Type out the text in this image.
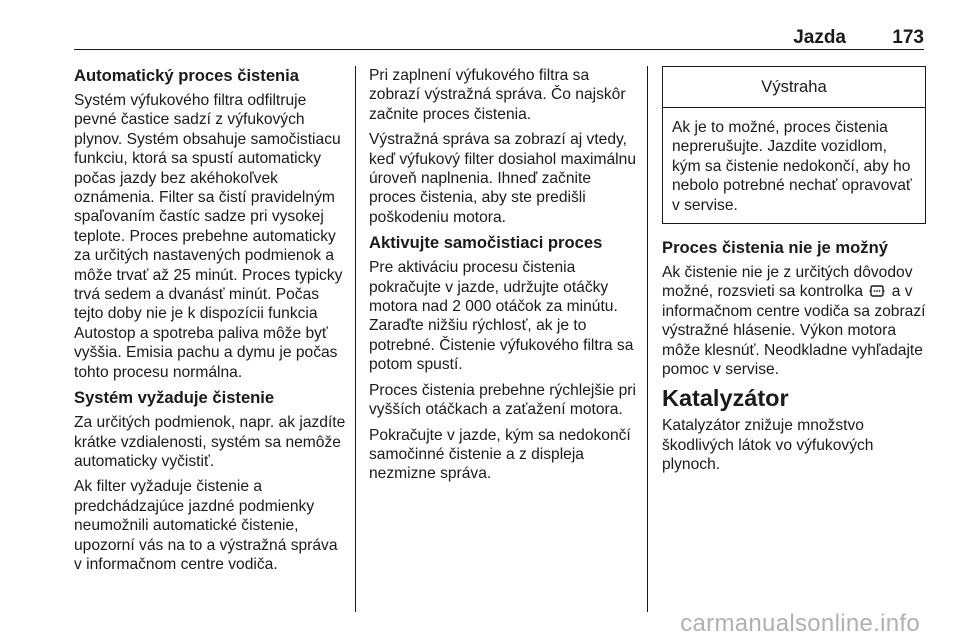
Jazda 173
Automatický proces čistenia

Systém výfukového filtra odfiltruje pevné častice sadzí z výfukových plynov. Systém obsahuje samočistiacu funkciu, ktorá sa spustí automaticky počas jazdy bez akéhokoľvek oznámenia. Filter sa čistí pravidelným spaľovaním častíc sadze pri vysokej teplote. Proces prebehne automaticky za určitých nastavených podmienok a môže trvať až 25 minút. Proces typicky trvá sedem a dvanásť minút. Počas tejto doby nie je k dispozícii funkcia Autostop a spotreba paliva môže byť vyššia. Emisia pachu a dymu je počas tohto procesu normálna.

Systém vyžaduje čistenie

Za určitých podmienok, napr. ak jazdíte krátke vzdialenosti, systém sa nemôže automaticky vyčistiť.

Ak filter vyžaduje čistenie a predchádzajúce jazdné podmienky neumožnili automatické čistenie, upozorní vás na to a výstražná správa v informačnom centre vodiča.

Pri zaplnení výfukového filtra sa zobrazí výstražná správa. Čo najskôr začnite proces čistenia.

Výstražná správa sa zobrazí aj vtedy, keď výfukový filter dosiahol maximálnu úroveň naplnenia. Ihneď začnite proces čistenia, aby ste predišli poškodeniu motora.

Aktivujte samočistiaci proces

Pre aktiváciu procesu čistenia pokračujte v jazde, udržujte otáčky motora nad 2 000 otáčok za minútu. Zaraďte nižšiu rýchlosť, ak je to potrebné. Čistenie výfukového filtra sa potom spustí.

Proces čistenia prebehne rýchlejšie pri vyšších otáčkach a zaťažení motora.

Pokračujte v jazde, kým sa nedokončí samočinné čistenie a z displeja nezmizne správa.

Výstraha

Ak je to možné, proces čistenia neprerušujte. Jazdite vozidlom, kým sa čistenie nedokončí, aby ho nebolo potrebné nechať opravovať v servise.

Proces čistenia nie je možný

Ak čistenie nie je z určitých dôvodov možné, rozsvieti sa kontrolka a v informačnom centre vodiča sa zobrazí výstražné hlásenie. Výkon motora môže klesnúť. Neodkladne vyhľadajte pomoc v servise.

Katalyzátor

Katalyzátor znižuje množstvo škodlivých látok vo výfukových plynoch.

carmanualsonline.info
